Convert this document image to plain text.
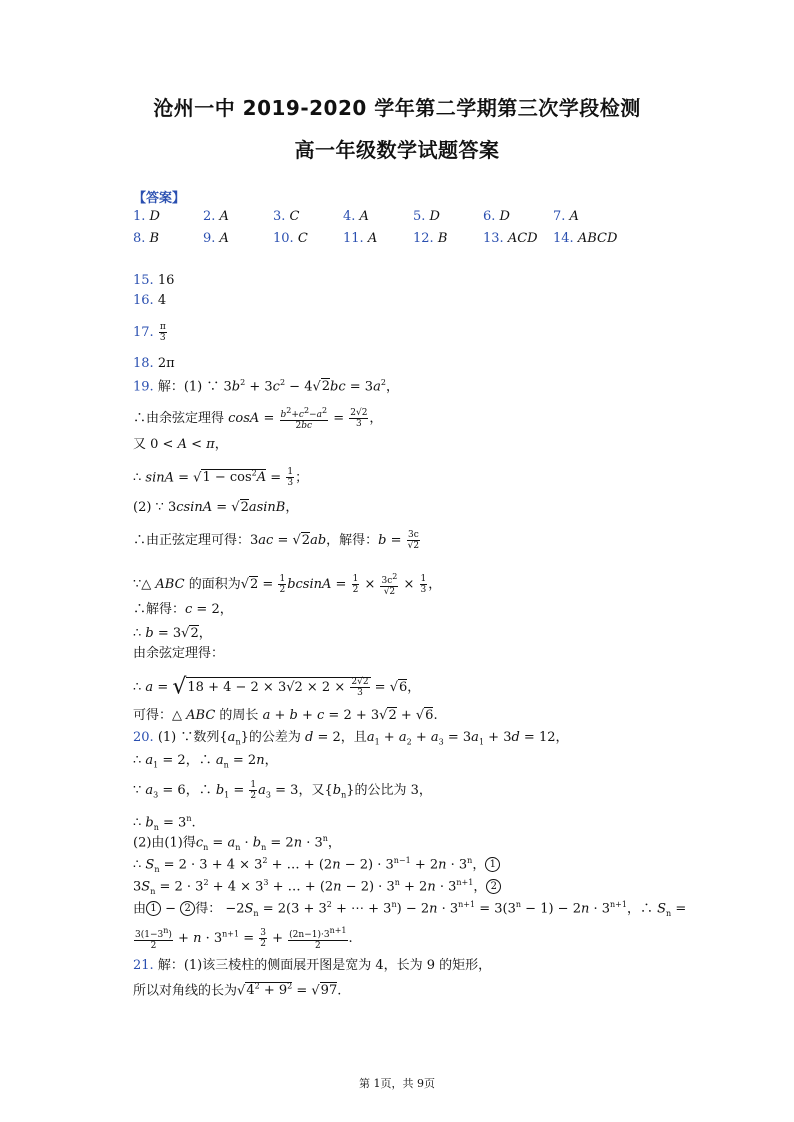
沧州一中 2019-2020 学年第二学期第三次学段检测
高一年级数学试题答案
【答案】
1. D	2. A	3. C	4. A	5. D	6. D	7. A
8. B	9. A	10. C	11. A	12. B	13. ACD 14. ABCD
15. 16
16. 4
17. $\frac{\pi}{3}$
18. 2π
19. 解：(1) ∵ $3b^2 + 3c^2 - 4√2bc = 3a^2$，
∴由余弦定理得 $\cos A = \frac{b^2+c^2-a^2}{2bc} = \frac{2√2}{3}$ ，
又 0 < A < π，
∴ $\sin A = √1 - \cos^2A = \frac{1}{3}$ ；
(2) ∵ 3csinA = √2asinB，
∴由正弦定理可得：3ac = √2ab，解得：$b = \frac{3c}{√2}$
∵△ ABC 的面积为$√2 = \frac{1}{2}$ $bcsinA = \frac{1}{2} \times \frac{3c^2}{√2} \times \frac{1}{3}$ ，
∴解得：c = 2，
∴ b = 3√2，
由余弦定理得：
∴ $a = √18 + 4 - 2 \times 3√2 \times 2 \times \frac{2√2}{3} = √6$，
可得：△ ABC 的周长 a + b + c = 2 + 3√2 + √6.
20. (1) ∵数列$\{a_n\}$的公差为 d = 2，且$a_1 + a_2 + a_3 = 3a_1 + 3d = 12$，
∴ $a_1 = 2$，∴ $a_n = 2n$，
∵ $a_3 = 6$，∴ $b_1 = \frac{1}{2} a_3 = 3$，又$\{b_n\}$的公比为 3，
∴ $b_n = 3^n$.
(2)由(1)得$c_n = a_n \cdot b_n = 2n \cdot 3^n$，
∴ $S_n = 2 \cdot 3 + 4 \times 3^2$ + … + $(2n - 2) \cdot 3^{n-1} + 2n \cdot 3^n$， 1
$3S_n = 2 \cdot 3^2 + 4 \times 3^3$ + … + $(2n - 2) \cdot 3^n + 2n \cdot 3^{n+1}$， 2
由 1 − 2 得： $-2S_n = 2(3 + 3^2$ + ⋯ + $3^n) - 2n \cdot 3^{n+1} = 3(3^n - 1) - 2n \cdot 3^{n+1}$，∴ $S_n$ =
$\frac{3(1-3^n)}{2} + n \cdot 3^{n+1} = \frac{3}{2} + \frac{(2n-1)\cdot 3^{n+1}}{2}$ .
21. 解：(1)该三棱柱的侧面展开图是宽为 4，长为 9 的矩形，
所以对角线的长为$√4^2 + 9^2 = √97$.
第 1页，共 9页
